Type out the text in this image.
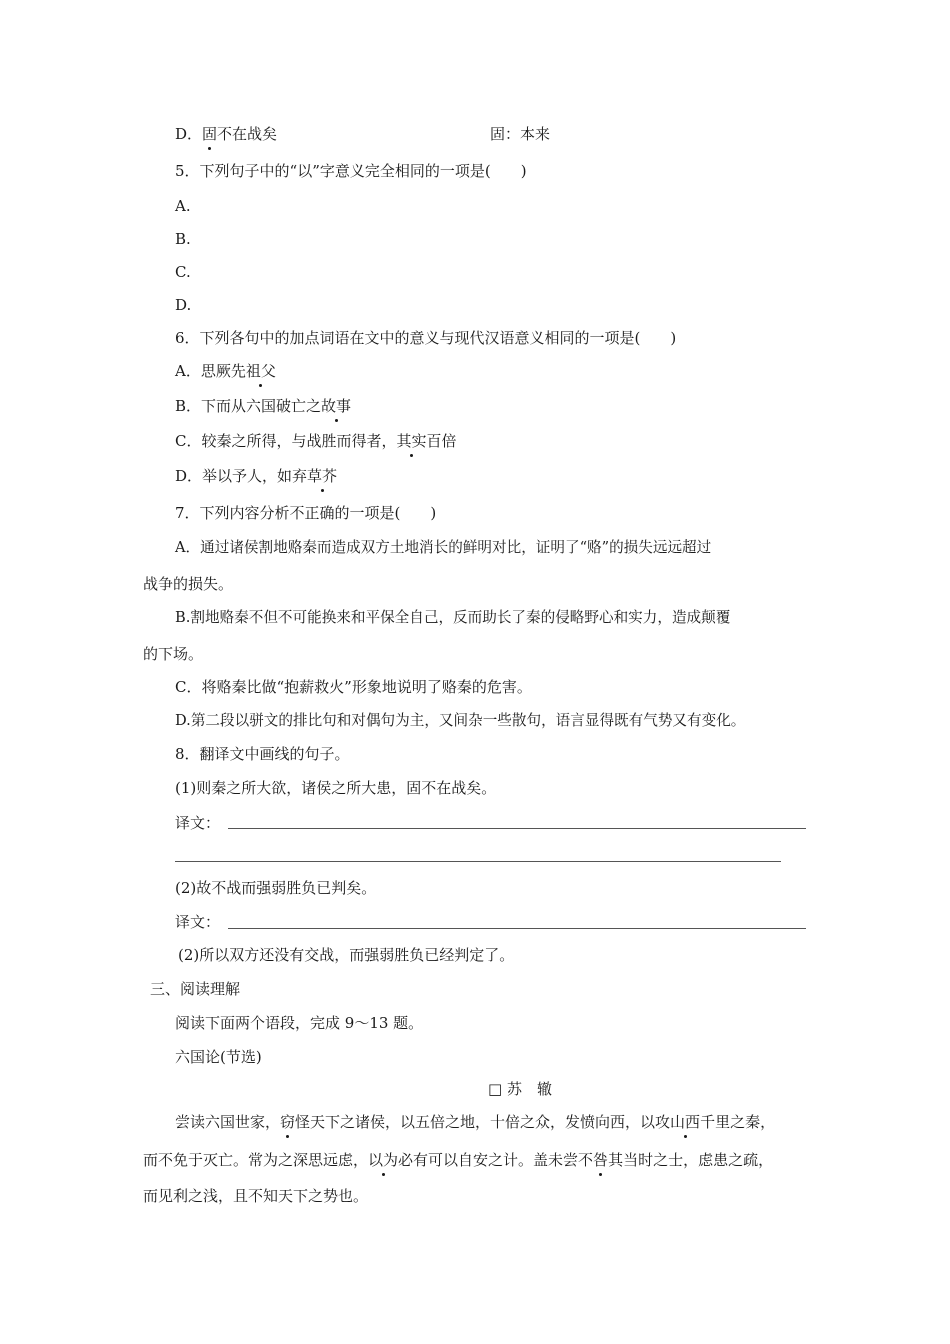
D．固不在战矣	固：本来
5．下列句子中的“以”字意义完全相同的一项是(　　)
A.
B.
C.
D.
6．下列各句中的加点词语在文中的意义与现代汉语意义相同的一项是(　　)
A．思厥先祖父
B．下而从六国破亡之故事
C．较秦之所得，与战胜而得者，其实百倍
D．举以予人，如弃草芥
7．下列内容分析不正确的一项是(　　)
A．通过诸侯割地赂秦而造成双方土地消长的鲜明对比，证明了“赂”的损失远远超过
战争的损失。
B.割地赂秦不但不可能换来和平保全自己，反而助长了秦的侵略野心和实力，造成颠覆
的下场。
C．将赂秦比做“抱薪救火”形象地说明了赂秦的危害。
D.第二段以骈文的排比句和对偶句为主，又间杂一些散句，语言显得既有气势又有变化。
8．翻译文中画线的句子。
(1)则秦之所大欲，诸侯之所大患，固不在战矣。
译文：
(2)故不战而强弱胜负已判矣。
译文：
(2)所以双方还没有交战，而强弱胜负已经判定了。
三、阅读理解
阅读下面两个语段，完成 9～13 题。
六国论(节选)
□ 苏　辙
尝读六国世家，窃怪天下之诸侯，以五倍之地，十倍之众，发愤向西，以攻山西千里之秦，
而不免于灭亡。常为之深思远虑，以为必有可以自安之计。盖未尝不咎其当时之士，虑患之疏，
而见利之浅，且不知天下之势也。
